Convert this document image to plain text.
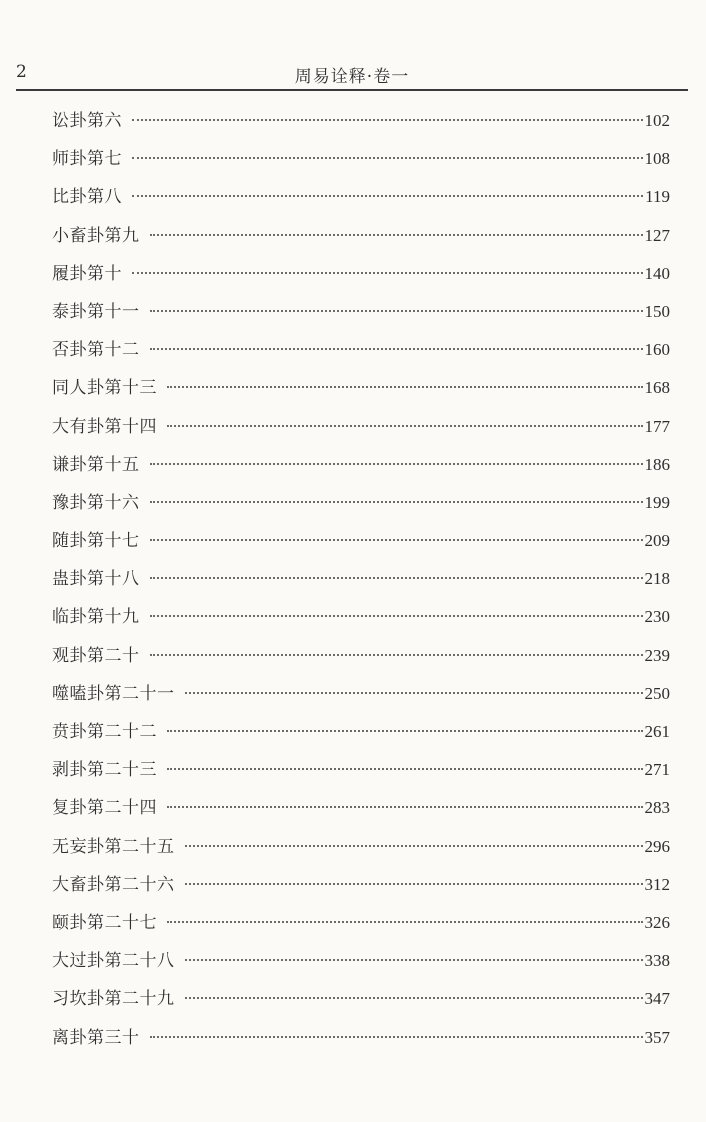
2	周易诠释·卷一
讼卦第六	102
师卦第七	108
比卦第八	119
小畜卦第九	127
履卦第十	140
泰卦第十一	150
否卦第十二	160
同人卦第十三	168
大有卦第十四	177
谦卦第十五	186
豫卦第十六	199
随卦第十七	209
蛊卦第十八	218
临卦第十九	230
观卦第二十	239
噬嗑卦第二十一	250
贲卦第二十二	261
剥卦第二十三	271
复卦第二十四	283
无妄卦第二十五	296
大畜卦第二十六	312
颐卦第二十七	326
大过卦第二十八	338
习坎卦第二十九	347
离卦第三十	357
